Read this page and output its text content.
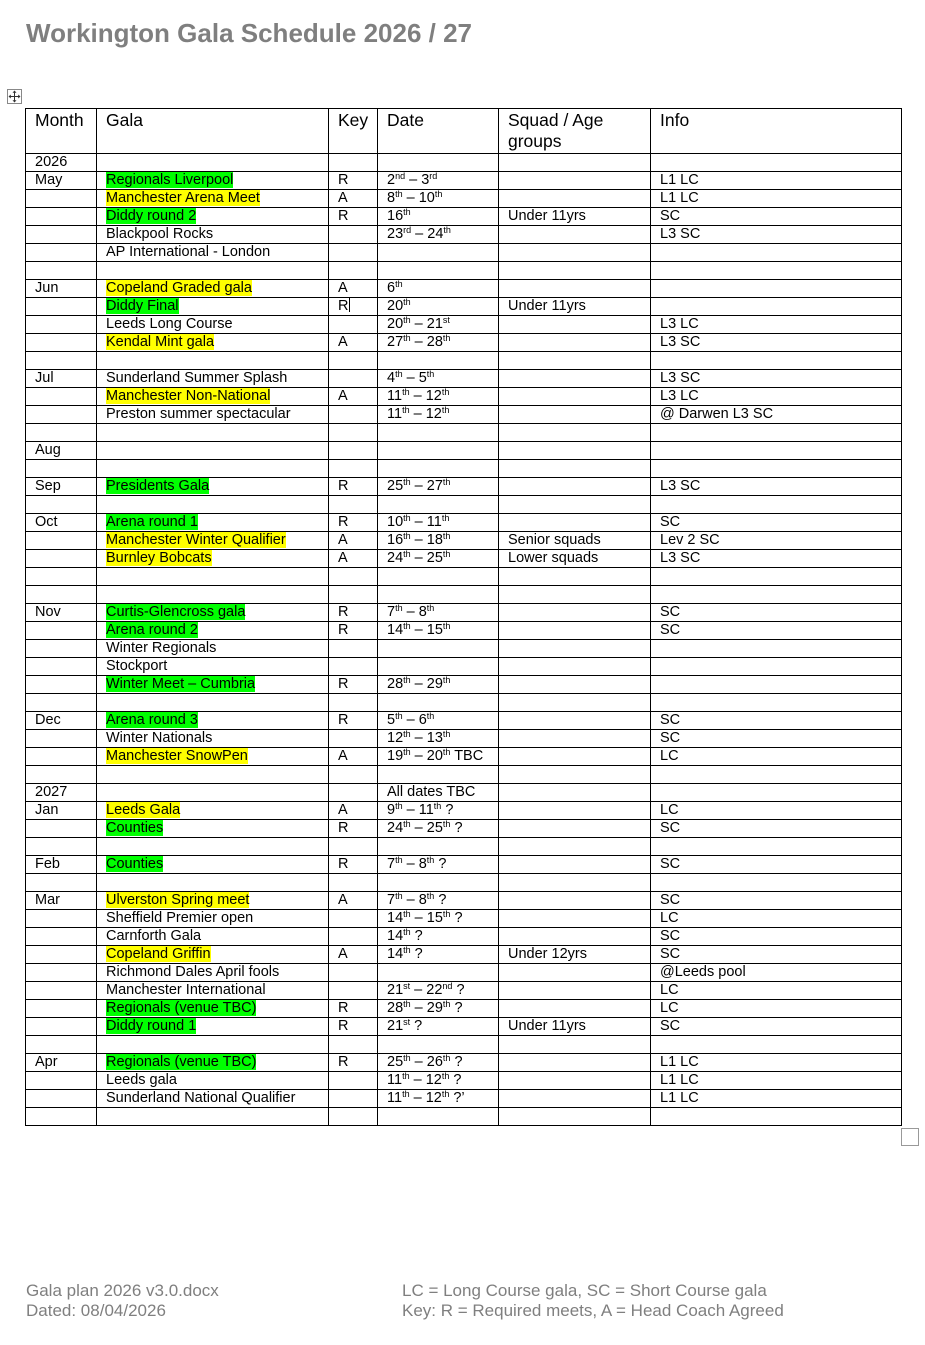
Workington Gala Schedule 2026 / 27
Month	Gala	Key	Date	Squad / Age groups	Info
2026					
May	Regionals Liverpool	R	2nd – 3rd		L1 LC
	Manchester Arena Meet	A	8th – 10th		L1 LC
	Diddy round 2	R	16th	Under 11yrs	SC
	Blackpool Rocks		23rd – 24th		L3 SC
	AP International - London				

Jun	Copeland Graded gala	A	6th		
	Diddy Final	R	20th	Under 11yrs	
	Leeds Long Course		20th – 21st		L3 LC
	Kendal Mint gala	A	27th – 28th		L3 SC

Jul	Sunderland Summer Splash		4th – 5th		L3 SC
	Manchester Non-National	A	11th – 12th		L3 LC
	Preston summer spectacular		11th – 12th		@ Darwen L3 SC

Aug					

Sep	Presidents Gala	R	25th – 27th		L3 SC

Oct	Arena round 1	R	10th – 11th		SC
	Manchester Winter Qualifier	A	16th – 18th	Senior squads	Lev 2 SC
	Burnley Bobcats	A	24th – 25th	Lower squads	L3 SC

Nov	Curtis-Glencross gala	R	7th – 8th		SC
	Arena round 2	R	14th – 15th		SC
	Winter Regionals				
	Stockport				
	Winter Meet – Cumbria	R	28th – 29th		

Dec	Arena round 3	R	5th – 6th		SC
	Winter Nationals		12th – 13th		SC
	Manchester SnowPen	A	19th – 20th TBC		LC

2027			All dates TBC		
Jan	Leeds Gala	A	9th – 11th ?		LC
	Counties	R	24th – 25th ?		SC

Feb	Counties	R	7th – 8th ?		SC

Mar	Ulverston Spring meet	A	7th – 8th ?		SC
	Sheffield Premier open		14th – 15th ?		LC
	Carnforth Gala		14th ?		SC
	Copeland Griffin	A	14th ?	Under 12yrs	SC
	Richmond Dales April fools				@Leeds pool
	Manchester International		21st – 22nd ?		LC
	Regionals (venue TBC)	R	28th – 29th ?		LC
	Diddy round 1	R	21st ?	Under 11yrs	SC

Apr	Regionals (venue TBC)	R	25th – 26th ?		L1 LC
	Leeds gala		11th – 12th ?		L1 LC
	Sunderland National Qualifier		11th – 12th ?’		L1 LC

Gala plan 2026 v3.0.docx
Dated: 08/04/2026
LC = Long Course gala, SC = Short Course gala
Key: R = Required meets, A = Head Coach Agreed
